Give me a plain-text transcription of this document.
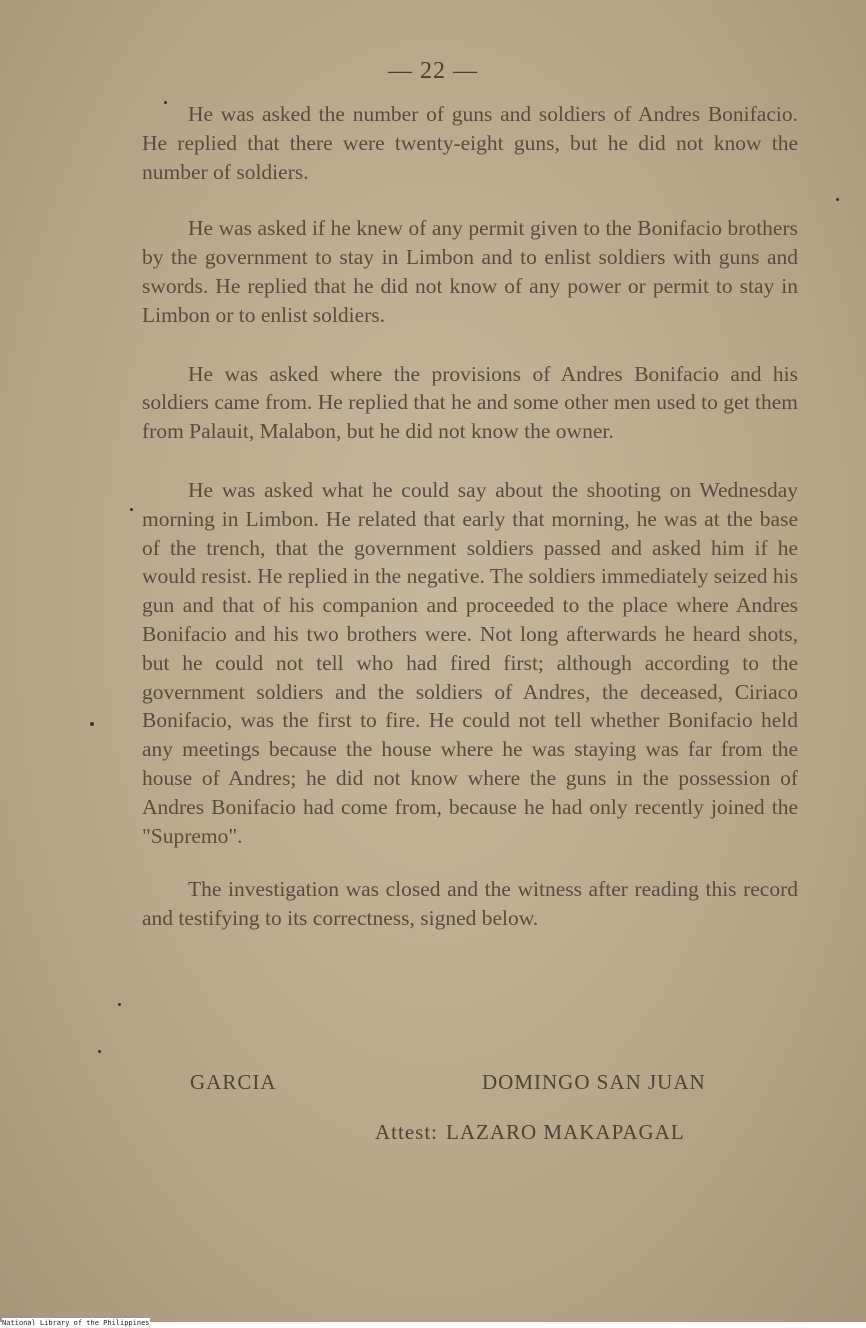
— 22 —

He was asked the number of guns and soldiers of Andres Bonifacio. He replied that there were twenty-eight guns, but he did not know the number of soldiers.

He was asked if he knew of any permit given to the Bonifacio brothers by the government to stay in Limbon and to enlist soldiers with guns and swords. He replied that he did not know of any power or permit to stay in Limbon or to enlist soldiers.

He was asked where the provisions of Andres Bonifacio and his soldiers came from. He replied that he and some other men used to get them from Palauit, Malabon, but he did not know the owner.

He was asked what he could say about the shooting on Wednesday morning in Limbon. He related that early that morning, he was at the base of the trench, that the government soldiers passed and asked him if he would resist. He replied in the negative. The soldiers immediately seized his gun and that of his companion and proceeded to the place where Andres Bonifacio and his two brothers were. Not long afterwards he heard shots, but he could not tell who had fired first; although according to the government soldiers and the soldiers of Andres, the deceased, Ciriaco Bonifacio, was the first to fire. He could not tell whether Bonifacio held any meetings because the house where he was staying was far from the house of Andres; he did not know where the guns in the possession of Andres Bonifacio had come from, because he had only recently joined the "Supremo".

The investigation was closed and the witness after reading this record and testifying to its correctness, signed below.

GARCIA	DOMINGO SAN JUAN
Attest: LAZARO MAKAPAGAL
National Library of the Philippines
